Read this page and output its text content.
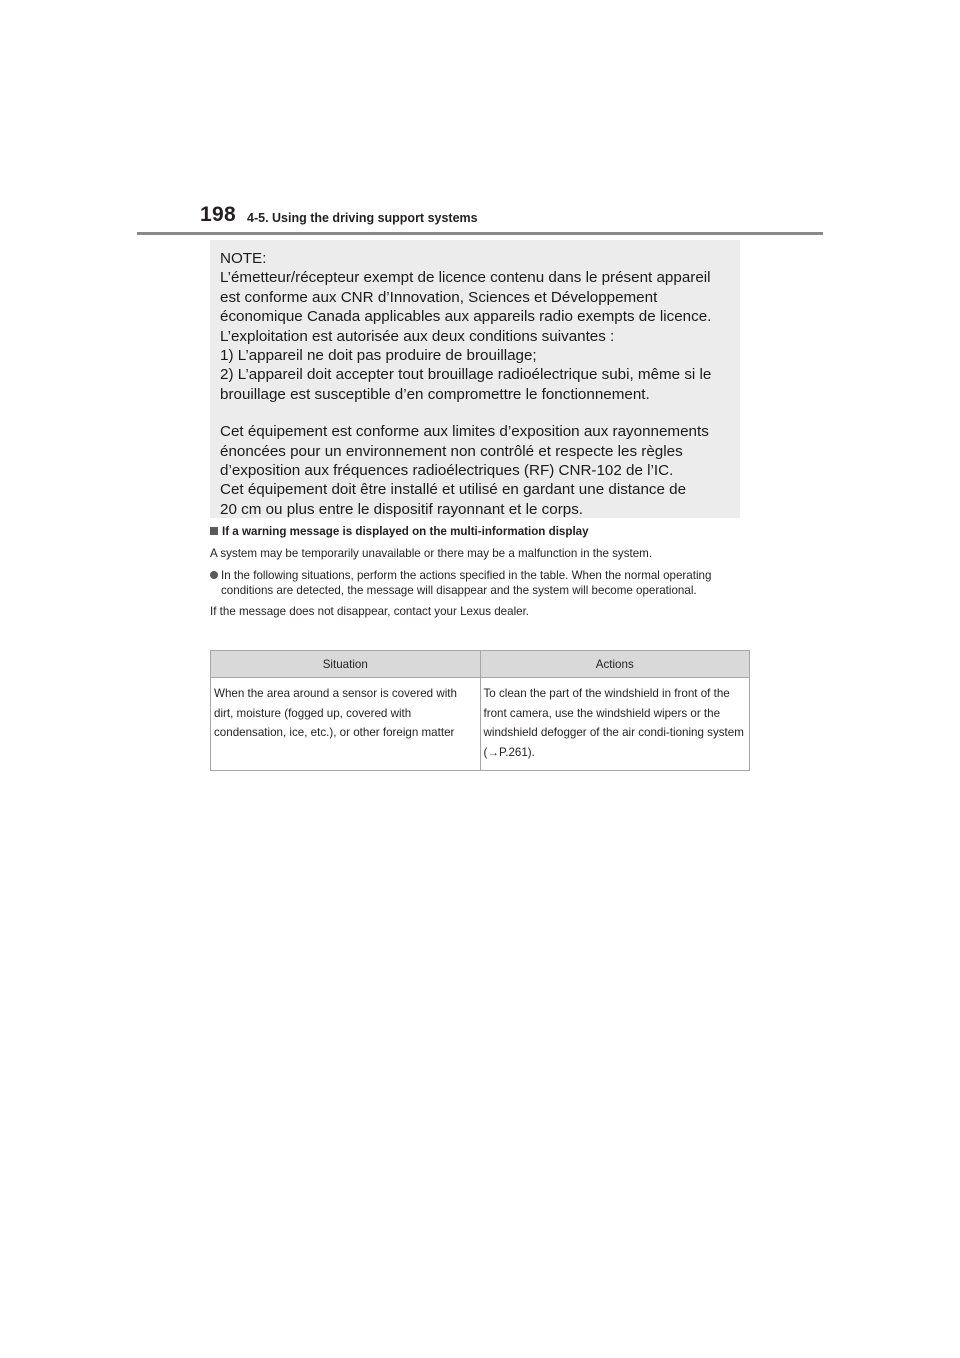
198 4-5. Using the driving support systems

NOTE:

L’émetteur/récepteur exempt de licence contenu dans le présent appareil

est conforme aux CNR d’Innovation, Sciences et Développement

économique Canada applicables aux appareils radio exempts de licence.

L’exploitation est autorisée aux deux conditions suivantes :

1) L’appareil ne doit pas produire de brouillage;

2) L’appareil doit accepter tout brouillage radioélectrique subi, même si le

brouillage est susceptible d’en compromettre le fonctionnement.

Cet équipement est conforme aux limites d’exposition aux rayonnements

énoncées pour un environnement non contrôlé et respecte les règles

d’exposition aux fréquences radioélectriques (RF) CNR-102 de l’IC.

Cet équipement doit être installé et utilisé en gardant une distance de

20 cm ou plus entre le dispositif rayonnant et le corps.

If a warning message is displayed on the multi-information display

A system may be temporarily unavailable or there may be a malfunction in the system.

In the following situations, perform the actions specified in the table. When the normal operating conditions are detected, the message will disappear and the system will become operational.

If the message does not disappear, contact your Lexus dealer.

Situation	Actions
When the area around a sensor is covered with dirt, moisture (fogged up, covered with condensation, ice, etc.), or other foreign matter	To clean the part of the windshield in front of the front camera, use the windshield wipers or the windshield defogger of the air condi-tioning system (→P.261).
